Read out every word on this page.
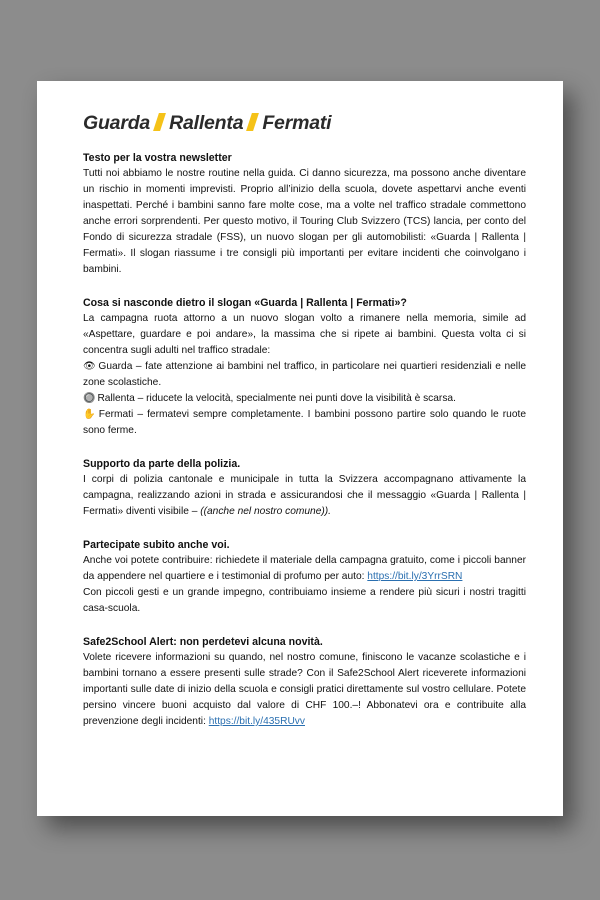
Guarda Rallenta Fermati
Testo per la vostra newsletter
Tutti noi abbiamo le nostre routine nella guida. Ci danno sicurezza, ma possono anche diventare un rischio in momenti imprevisti. Proprio all’inizio della scuola, dovete aspettarvi anche eventi inaspettati. Perché i bambini sanno fare molte cose, ma a volte nel traffico stradale commettono anche errori sorprendenti. Per questo motivo, il Touring Club Svizzero (TCS) lancia, per conto del Fondo di sicurezza stradale (FSS), un nuovo slogan per gli automobilisti: «Guarda | Rallenta | Fermati». Il slogan riassume i tre consigli più importanti per evitare incidenti che coinvolgano i bambini.
Cosa si nasconde dietro il slogan «Guarda | Rallenta | Fermati»?
La campagna ruota attorno a un nuovo slogan volto a rimanere nella memoria, simile ad «Aspettare, guardare e poi andare», la massima che si ripete ai bambini. Questa volta ci si concentra sugli adulti nel traffico stradale:
👁 Guarda – fate attenzione ai bambini nel traffico, in particolare nei quartieri residenziali e nelle zone scolastiche.
🔘 Rallenta – riducete la velocità, specialmente nei punti dove la visibilità è scarsa.
✋ Fermati – fermatevi sempre completamente. I bambini possono partire solo quando le ruote sono ferme.
Supporto da parte della polizia.
I corpi di polizia cantonale e municipale in tutta la Svizzera accompagnano attivamente la campagna, realizzando azioni in strada e assicurandosi che il messaggio «Guarda | Rallenta | Fermati» diventi visibile – ((anche nel nostro comune)).
Partecipate subito anche voi.
Anche voi potete contribuire: richiedete il materiale della campagna gratuito, come i piccoli banner da appendere nel quartiere e i testimonial di profumo per auto: https://bit.ly/3YrrSRN
Con piccoli gesti e un grande impegno, contribuiamo insieme a rendere più sicuri i nostri tragitti casa-scuola.
Safe2School Alert: non perdetevi alcuna novità.
Volete ricevere informazioni su quando, nel nostro comune, finiscono le vacanze scolastiche e i bambini tornano a essere presenti sulle strade? Con il Safe2School Alert riceverete informazioni importanti sulle date di inizio della scuola e consigli pratici direttamente sul vostro cellulare. Potete persino vincere buoni acquisto dal valore di CHF 100.–! Abbonatevi ora e contribuite alla prevenzione degli incidenti: https://bit.ly/435RUvv
